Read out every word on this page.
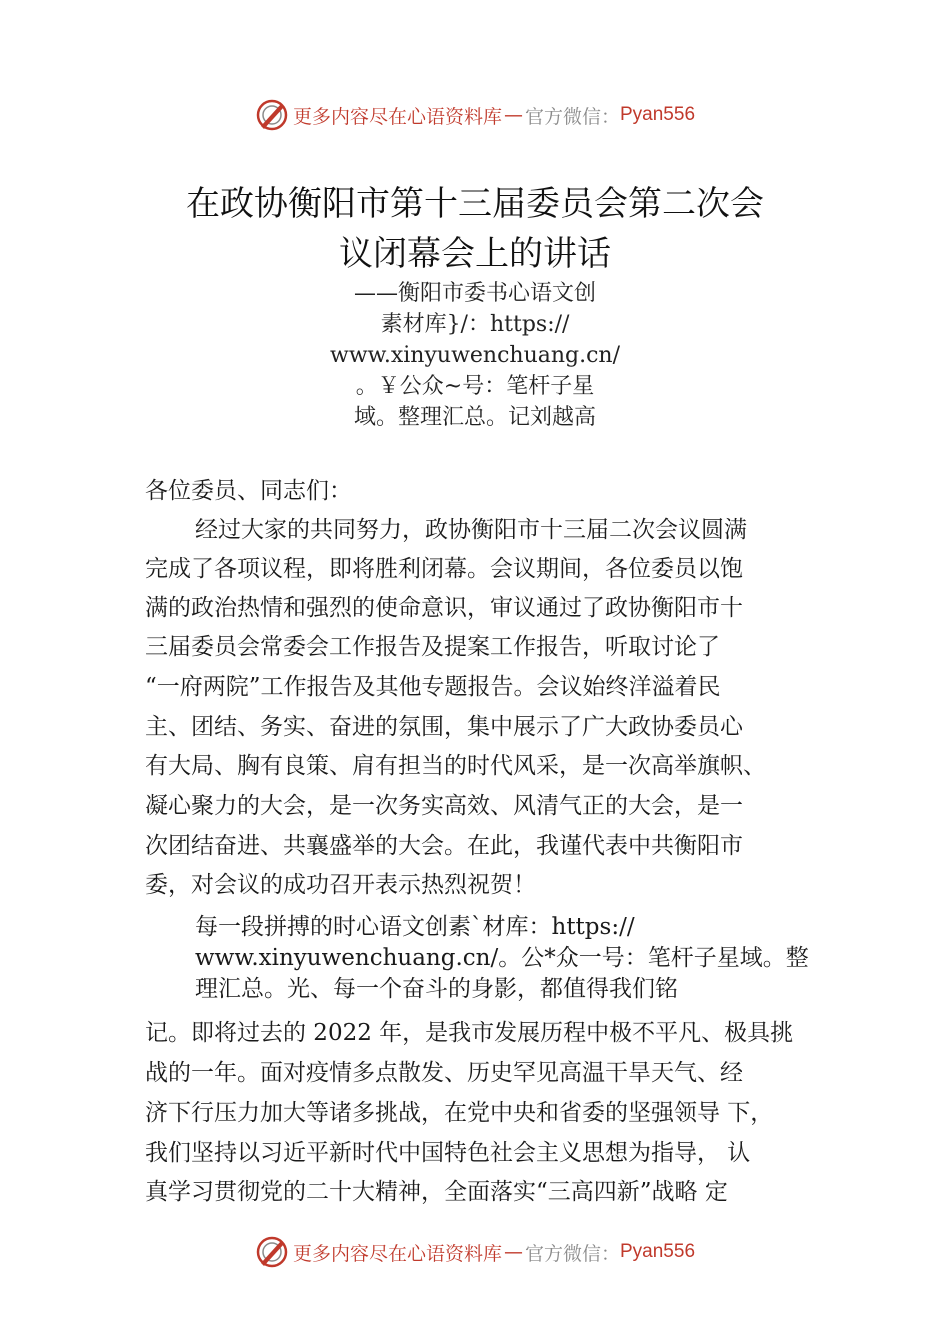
更多内容尽在心语资料库 — 官方微信： Pyan556
在政协衡阳市第十三届委员会第二次会
议闭幕会上的讲话
——衡阳市委书心语文创
素材库}/：https://
www.xinyuwenchuang.cn/
。￥公众~号：笔杆子星
域。整理汇总。记刘越高
各位委员、同志们：
经过大家的共同努力，政协衡阳市十三届二次会议圆满
完成了各项议程，即将胜利闭幕。会议期间，各位委员以饱
满的政治热情和强烈的使命意识，审议通过了政协衡阳市十
三届委员会常委会工作报告及提案工作报告，听取讨论了
“一府两院”工作报告及其他专题报告。会议始终洋溢着民
主、团结、务实、奋进的氛围，集中展示了广大政协委员心
有大局、胸有良策、肩有担当的时代风采，是一次高举旗帜、
凝心聚力的大会，是一次务实高效、风清气正的大会，是一
次团结奋进、共襄盛举的大会。在此，我谨代表中共衡阳市
委，对会议的成功召开表示热烈祝贺！
每一段拼搏的时心语文创素`材库：https://
www.xinyuwenchuang.cn/。公*众一号：笔杆子星域。整
理汇总。光、每一个奋斗的身影，都值得我们铭
记。即将过去的 2022 年，是我市发展历程中极不平凡、极具挑
战的一年。面对疫情多点散发、历史罕见高温干旱天气、经
济下行压力加大等诸多挑战，在党中央和省委的坚强领导 下，
我们坚持以习近平新时代中国特色社会主义思想为指导， 认
真学习贯彻党的二十大精神，全面落实“三高四新”战略 定
更多内容尽在心语资料库 — 官方微信： Pyan556
